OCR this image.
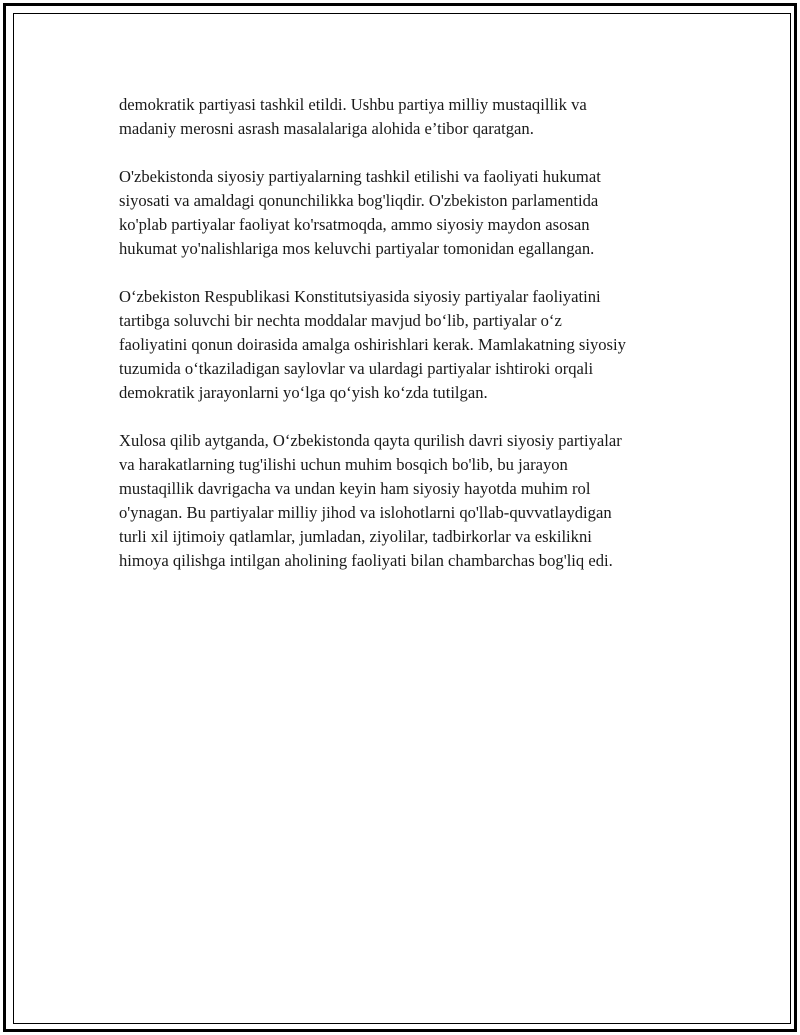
demokratik partiyasi tashkil etildi. Ushbu partiya milliy mustaqillik va
madaniy merosni asrash masalalariga alohida e’tibor qaratgan.

O'zbekistonda siyosiy partiyalarning tashkil etilishi va faoliyati hukumat
siyosati va amaldagi qonunchilikka bog'liqdir. O'zbekiston parlamentida
ko'plab partiyalar faoliyat ko'rsatmoqda, ammo siyosiy maydon asosan
hukumat yo'nalishlariga mos keluvchi partiyalar tomonidan egallangan.

O‘zbekiston Respublikasi Konstitutsiyasida siyosiy partiyalar faoliyatini
tartibga soluvchi bir nechta moddalar mavjud bo‘lib, partiyalar o‘z
faoliyatini qonun doirasida amalga oshirishlari kerak. Mamlakatning siyosiy
tuzumida o‘tkaziladigan saylovlar va ulardagi partiyalar ishtiroki orqali
demokratik jarayonlarni yo‘lga qo‘yish ko‘zda tutilgan.

Xulosa qilib aytganda, O‘zbekistonda qayta qurilish davri siyosiy partiyalar
va harakatlarning tug'ilishi uchun muhim bosqich bo'lib, bu jarayon
mustaqillik davrigacha va undan keyin ham siyosiy hayotda muhim rol
o'ynagan. Bu partiyalar milliy jihod va islohotlarni qo'llab-quvvatlaydigan
turli xil ijtimoiy qatlamlar, jumladan, ziyolilar, tadbirkorlar va eskilikni
himoya qilishga intilgan aholining faoliyati bilan chambarchas bog'liq edi.
